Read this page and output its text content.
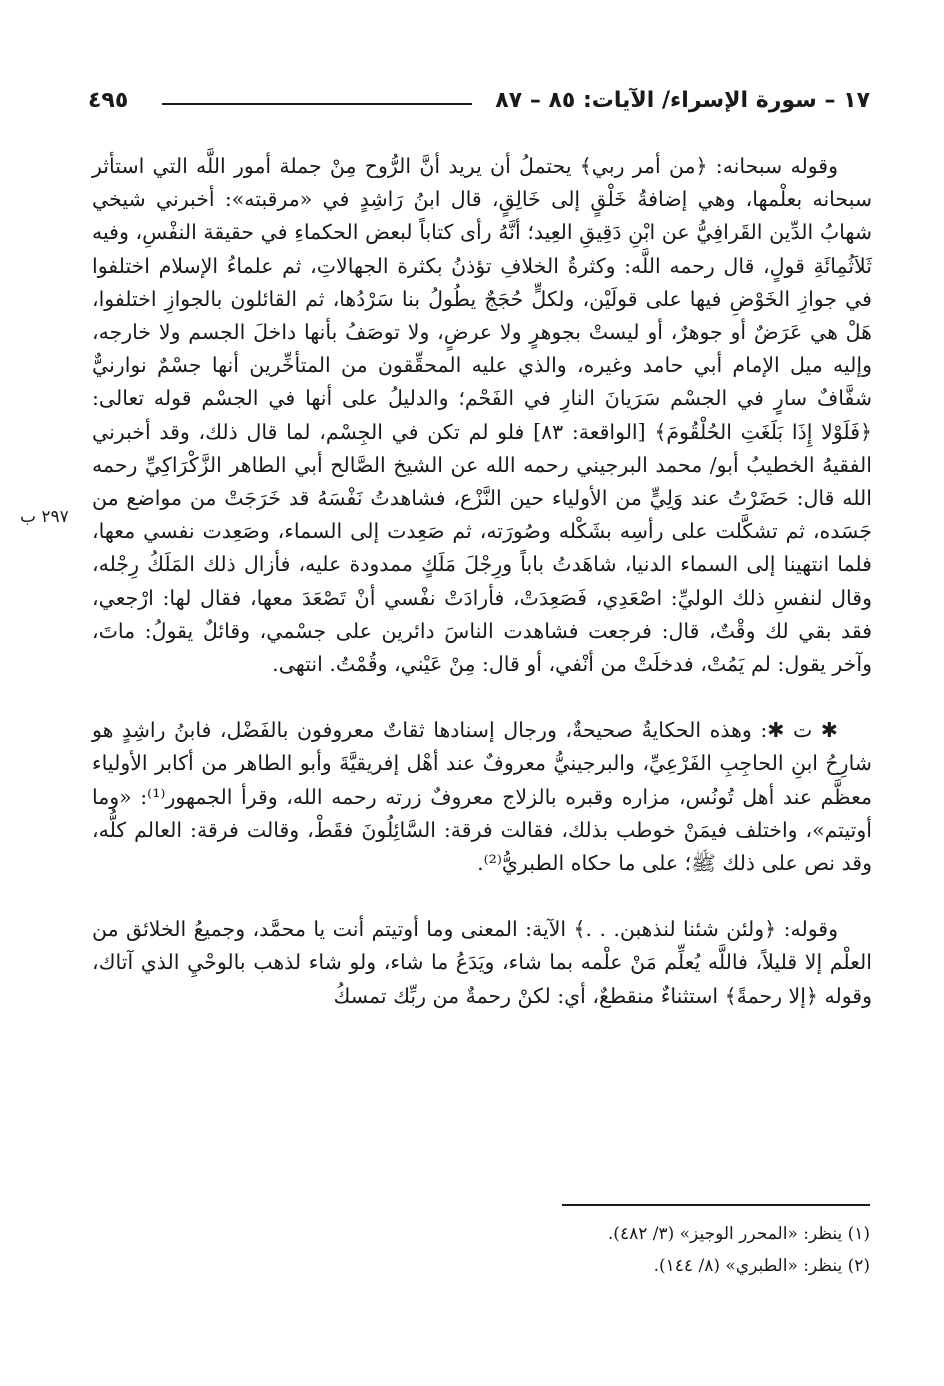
١٧ – سورة الإسراء/ الآيات: ٨٥ – ٨٧
٤٩٥
٢٩٧ ب

وقوله سبحانه: ﴿من أمر ربي﴾ يحتملُ أن يريد أنَّ الرُّوح مِنْ جملة أمور اللَّه التي استأثر سبحانه بعلْمها، وهي إضافةُ خَلْقٍ إلى خَالِقٍ، قال ابنُ رَاشِدٍ في «مرقبته»: أخبرني شيخي شهابُ الدِّين القَرافِيُّ عن ابْنِ دَقِيقِ العِيد؛ أنَّهُ رأى كتاباً لبعض الحكماءِ في حقيقة النفْسِ، وفيه ثَلاَثُمِائَةِ قولٍ، قال رحمه اللَّه: وكثرةُ الخلافِ تؤذنُ بكثرة الجهالاتِ، ثم علماءُ الإسلام اختلفوا في جوازِ الخَوْضِ فيها على قولَيْن، ولكلٍّ حُجَجٌ يطُولُ بنا سَرْدُها، ثم القائلون بالجوازِ اختلفوا، هَلْ هي عَرَضٌ أو جوهرٌ، أو ليستْ بجوهرٍ ولا عرضٍ، ولا توصَفُ بأنها داخلَ الجسم ولا خارجه، وإليه ميل الإمام أبي حامد وغيره، والذي عليه المحقِّقون من المتأخِّرين أنها جسْمٌ نوارنيٌّ شفَّافٌ سارٍ في الجسْم سَرَيانَ النارِ في الفَحْم؛ والدليلُ على أنها في الجسْم قوله تعالى: ﴿فَلَوْلا إِذَا بَلَغَتِ الحُلْقُومَ﴾ [الواقعة: ٨٣] فلو لم تكن في الجِسْم، لما قال ذلك، وقد أخبرني الفقيهُ الخطيبُ أبو/ محمد البرجيني رحمه الله عن الشيخ الصَّالح أبي الطاهر الزَّكْرَاكِيِّ رحمه الله قال: حَضَرْتُ عند وَلِيٍّ من الأولياء حين النَّزْع، فشاهدتُ نَفْسَهُ قد خَرَجَتْ من مواضع من جَسَده، ثم تشكَّلت على رأسِه بشَكْله وصُورَته، ثم صَعِدت إلى السماء، وصَعِدت نفسي معها، فلما انتهينا إلى السماء الدنيا، شاهَدتُ باباً ورِجْلَ مَلَكٍ ممدودة عليه، فأزال ذلك المَلَكُ رِجْله، وقال لنفسِ ذلك الوليِّ: اصْعَدِي، فَصَعِدَتْ، فأرادَتْ نفْسي أنْ تَصْعَدَ معها، فقال لها: ارْجعي، فقد بقي لك وقْتٌ، قال: فرجعت فشاهدت الناسَ دائرين على جسْمي، وقائلٌ يقولُ: ماتَ، وآخر يقول: لم يَمُتْ، فدخلَتْ من أنْفي، أو قال: مِنْ عَيْني، وقُمْتُ. انتهى.

✱ ت ✱: وهذه الحكايةُ صحيحةٌ، ورجال إسنادها ثقاتٌ معروفون بالفَضْل، فابنُ راشِدٍ هو شارِحُ ابنِ الحاجِبِ الفَرْعِيِّ، والبرجينيُّ معروفٌ عند أهْل إفريقيَّةَ وأبو الطاهر من أكابر الأولياء معظَّم عند أهل تُونُس، مزاره وقبره بالزلاج معروفٌ زرته رحمه الله، وقرأ الجمهور⁽¹⁾: «وما أوتيتم»، واختلف فيمَنْ خوطب بذلك، فقالت فرقة: السَّائِلُونَ فقَطْ، وقالت فرقة: العالم كلُّه، وقد نص على ذلك ﷺ؛ على ما حكاه الطبريُّ⁽²⁾.

وقوله: ﴿ولئن شئنا لنذهبن. . .﴾ الآية: المعنى وما أوتيتم أنت يا محمَّد، وجميعُ الخلائق من العلْم إلا قليلاً، فاللَّه يُعلِّم مَنْ علْمه بما شاء، ويَدَعُ ما شاء، ولو شاء لذهب بالوحْيِ الذي آتاك، وقوله ﴿إلا رحمةً﴾ استثناءٌ منقطعٌ، أي: لكنْ رحمةٌ من ربِّك تمسكُ

(١) ينظر: «المحرر الوجيز» (٣/ ٤٨٢).
(٢) ينظر: «الطبري» (٨/ ١٤٤).
